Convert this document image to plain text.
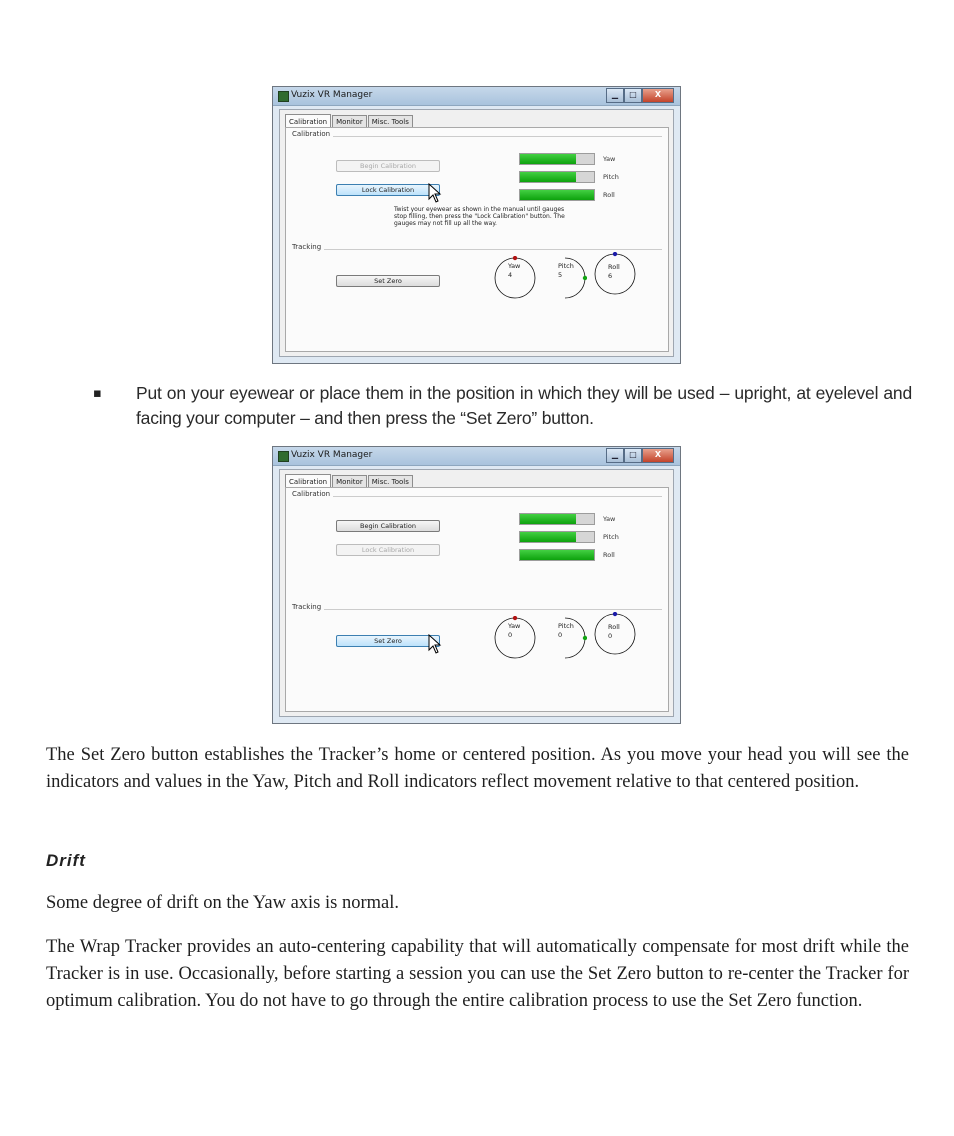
Vuzix VR Manager	▁	□	X
Calibration	Monitor	Misc. Tools
Calibration
Tracking
Begin Calibration
Lock Calibration
Yaw
Pitch
Roll
Twist your eyewear as shown in the manual until gauges stop filling, then press the "Lock Calibration" button. The gauges may not fill up all the way.
Set Zero
Yaw
4
Pitch
5
Roll
6
▪ Put on your eyewear or place them in the position in which they will be used – upright, at eyelevel and facing your computer – and then press the “Set Zero” button.

Vuzix VR Manager	▁	□	X
Calibration	Monitor	Misc. Tools
Calibration
Tracking
Begin Calibration
Lock Calibration
Yaw
Pitch
Roll
Set Zero
Yaw
0
Pitch
0
Roll
0

The Set Zero button establishes the Tracker’s home or centered position. As you move your head you will see the indicators and values in the Yaw, Pitch and Roll indicators reflect movement relative to that centered position.

Drift

Some degree of drift on the Yaw axis is normal.

The Wrap Tracker provides an auto-centering capability that will automatically compensate for most drift while the Tracker is in use. Occasionally, before starting a session you can use the Set Zero button to re-center the Tracker for optimum calibration. You do not have to go through the entire calibration process to use the Set Zero function.
